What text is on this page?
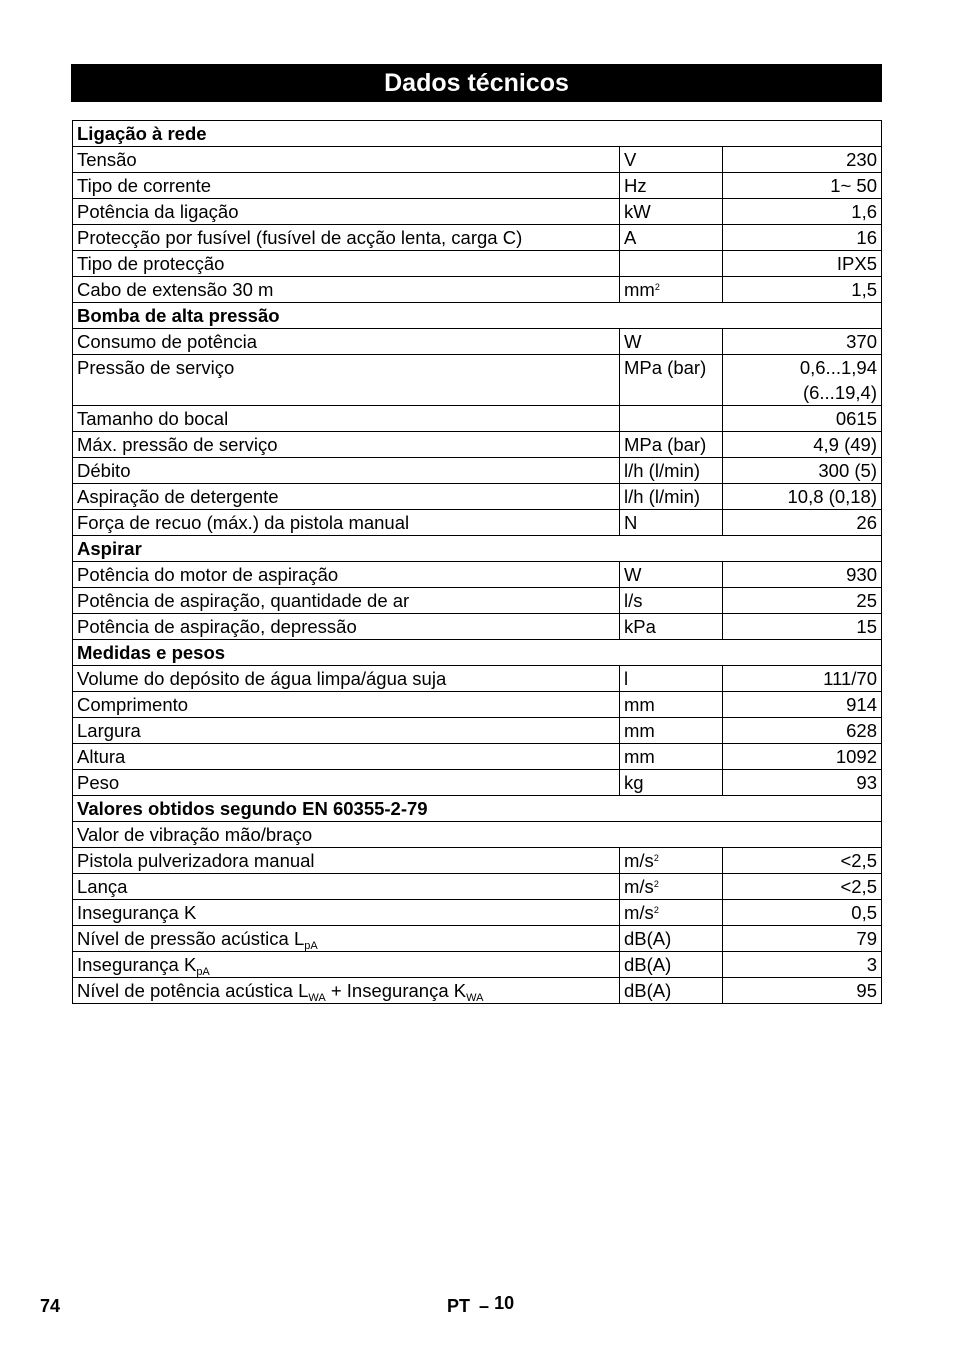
Dados técnicos
Ligação à rede		
Tensão	V	230

Tipo de corrente	Hz	1~ 50

Potência da ligação	kW	1,6

Protecção por fusível (fusível de acção lenta, carga C)	A	16

Tipo de protecção		IPX5

Cabo de extensão 30 m	$mm^2$	1,5

Bomba de alta pressão		
Consumo de potência	W	370

Pressão de serviço	MPa (bar)	0,6...1,94
(6...19,4)

Tamanho do bocal		0615

Máx. pressão de serviço	MPa (bar)	4,9 (49)

Débito	l/h (l/min)	300 (5)

Aspiração de detergente	l/h (l/min)	10,8 (0,18)

Força de recuo (máx.) da pistola manual	N	26

Aspirar		
Potência do motor de aspiração	W	930

Potência de aspiração, quantidade de ar	l/s	25

Potência de aspiração, depressão	kPa	15

Medidas e pesos		
Volume do depósito de água limpa/água suja	l	111/70

Comprimento	mm	914

Largura	mm	628

Altura	mm	1092

Peso	kg	93

Valores obtidos segundo EN 60355-2-79		
Valor de vibração mão/braço		
Pistola pulverizadora manual	$m/s^2$	<2,5

Lança	$m/s^2$	<2,5

Insegurança K	$m/s^2$	0,5

Nível de pressão acústica $L_{pA}$	dB(A)	79

Insegurança $K_{pA}$	dB(A)	3

Nível de potência acústica $L_{WA}$ + Insegurança $K_{WA}$	dB(A)	95
74	PT – 10
